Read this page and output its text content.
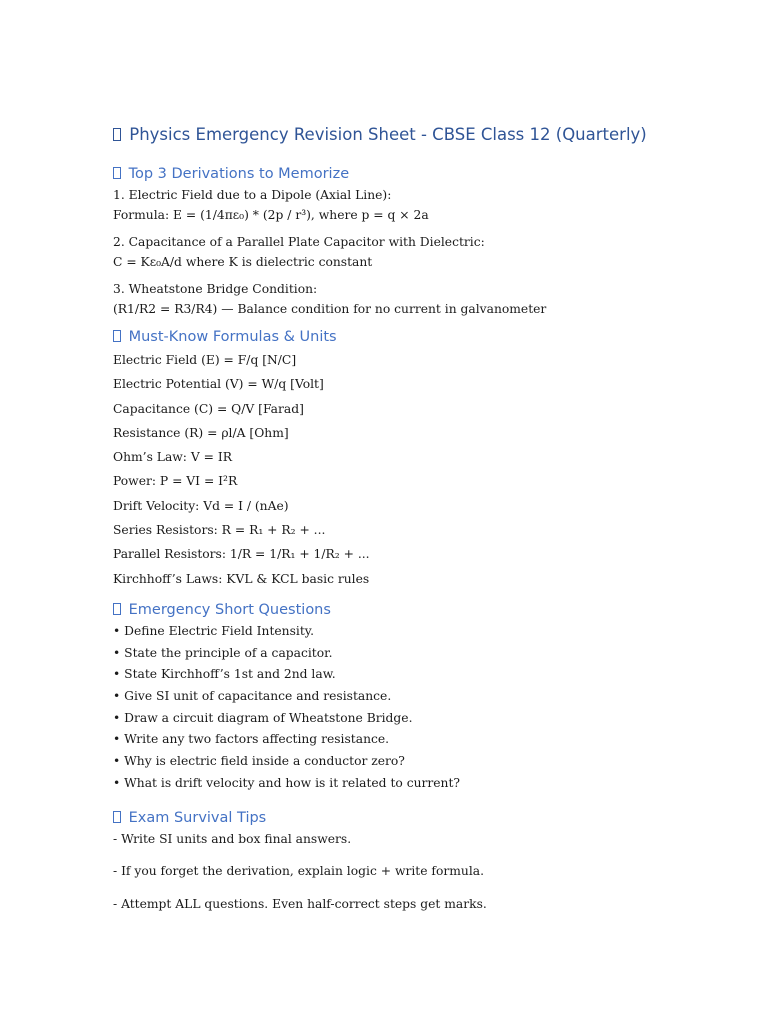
Physics Emergency Revision Sheet - CBSE Class 12 (Quarterly)
Top 3 Derivations to Memorize

1. Electric Field due to a Dipole (Axial Line):

Formula: E = (1/4πε₀) * (2p / r³), where p = q × 2a

2. Capacitance of a Parallel Plate Capacitor with Dielectric:

C = Kε₀A/d where K is dielectric constant

3. Wheatstone Bridge Condition:

(R1/R2 = R3/R4) — Balance condition for no current in galvanometer

Must-Know Formulas & Units

Electric Field (E) = F/q [N/C]

Electric Potential (V) = W/q [Volt]

Capacitance (C) = Q/V [Farad]

Resistance (R) = ρl/A [Ohm]

Ohm’s Law: V = IR

Power: P = VI = I²R

Drift Velocity: Vd = I / (nAe)

Series Resistors: R = R₁ + R₂ + ...

Parallel Resistors: 1/R = 1/R₁ + 1/R₂ + ...

Kirchhoff’s Laws: KVL & KCL basic rules

Emergency Short Questions

• Define Electric Field Intensity.

• State the principle of a capacitor.

• State Kirchhoff’s 1st and 2nd law.

• Give SI unit of capacitance and resistance.

• Draw a circuit diagram of Wheatstone Bridge.

• Write any two factors affecting resistance.

• Why is electric field inside a conductor zero?

• What is drift velocity and how is it related to current?

Exam Survival Tips

- Write SI units and box final answers.

- If you forget the derivation, explain logic + write formula.

- Attempt ALL questions. Even half-correct steps get marks.
